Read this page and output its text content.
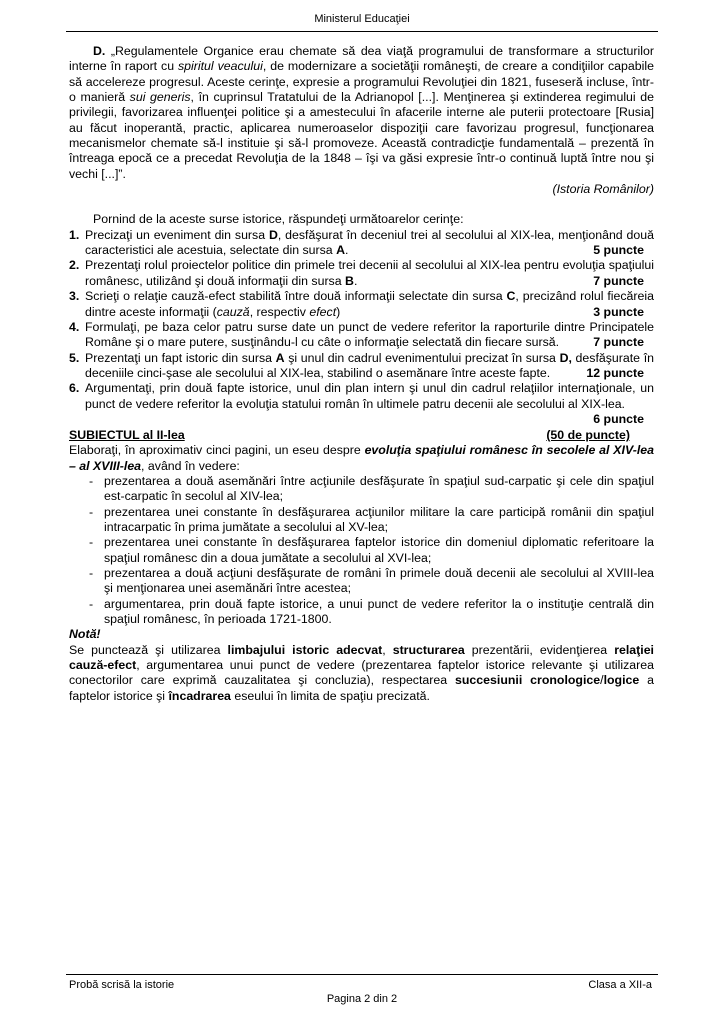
Ministerul Educaţiei

D. „Regulamentele Organice erau chemate să dea viaţă programului de transformare a structurilor interne în raport cu spiritul veacului, de modernizare a societăţii româneşti, de creare a condiţiilor capabile să accelereze progresul. Aceste cerinţe, expresie a programului Revoluţiei din 1821, fuseseră incluse, într-o manieră sui generis, în cuprinsul Tratatului de la Adrianopol [...]. Menţinerea şi extinderea regimului de privilegii, favorizarea influenţei politice şi a amestecului în afacerile interne ale puterii protectoare [Rusia] au făcut inoperantă, practic, aplicarea numeroaselor dispoziţii care favorizau progresul, funcţionarea mecanismelor chemate să-l instituie şi să-l promoveze. Această contradicţie fundamentală – prezentă în întreaga epocă ce a precedat Revoluţia de la 1848 – îşi va găsi expresie într-o continuă luptă între nou şi vechi [...]”.

(Istoria Românilor)

Pornind de la aceste surse istorice, răspundeţi următoarelor cerinţe:

1. Precizaţi un eveniment din sursa D, desfăşurat în deceniul trei al secolului al XIX-lea, menţionând două caracteristici ale acestuia, selectate din sursa A.	5 puncte
2. Prezentaţi rolul proiectelor politice din primele trei decenii al secolului al XIX-lea pentru evoluţia spaţiului românesc, utilizând şi două informaţii din sursa B.	7 puncte
3. Scrieţi o relaţie cauză-efect stabilită între două informaţii selectate din sursa C, precizând rolul fiecăreia dintre aceste informaţii (cauză, respectiv efect)	3 puncte
4. Formulaţi, pe baza celor patru surse date un punct de vedere referitor la raporturile dintre Principatele Române şi o mare putere, susţinându-l cu câte o informaţie selectată din fiecare sursă.	7 puncte
5. Prezentaţi un fapt istoric din sursa A şi unul din cadrul evenimentului precizat în sursa D, desfăşurate în deceniile cinci-şase ale secolului al XIX-lea, stabilind o asemănare între aceste fapte.	12 puncte
6. Argumentaţi, prin două fapte istorice, unul din plan intern şi unul din cadrul relaţiilor internaţionale, un punct de vedere referitor la evoluţia statului român în ultimele patru decenii ale secolului al XIX-lea.
6 puncte
SUBIECTUL al II-lea	(50 de puncte)

Elaboraţi, în aproximativ cinci pagini, un eseu despre evoluţia spaţiului românesc în secolele al XIV-lea – al XVIII-lea, având în vedere:

- prezentarea a două asemănări între acţiunile desfăşurate în spaţiul sud-carpatic şi cele din spaţiul est-carpatic în secolul al XIV-lea;
- prezentarea unei constante în desfăşurarea acţiunilor militare la care participă românii din spaţiul intracarpatic în prima jumătate a secolului al XV-lea;
- prezentarea unei constante în desfăşurarea faptelor istorice din domeniul diplomatic referitoare la spaţiul românesc din a doua jumătate a secolului al XVI-lea;
- prezentarea a două acţiuni desfăşurate de români în primele două decenii ale secolului al XVIII-lea şi menţionarea unei asemănări între acestea;
- argumentarea, prin două fapte istorice, a unui punct de vedere referitor la o instituţie centrală din spaţiul românesc, în perioada 1721-1800.

Notă!

Se punctează şi utilizarea limbajului istoric adecvat, structurarea prezentării, evidenţierea relaţiei cauză-efect, argumentarea unui punct de vedere (prezentarea faptelor istorice relevante şi utilizarea conectorilor care exprimă cauzalitatea şi concluzia), respectarea succesiunii cronologice/logice a faptelor istorice şi încadrarea eseului în limita de spaţiu precizată.

Probă scrisă la istorie	Clasa a XII-a
Pagina 2 din 2
